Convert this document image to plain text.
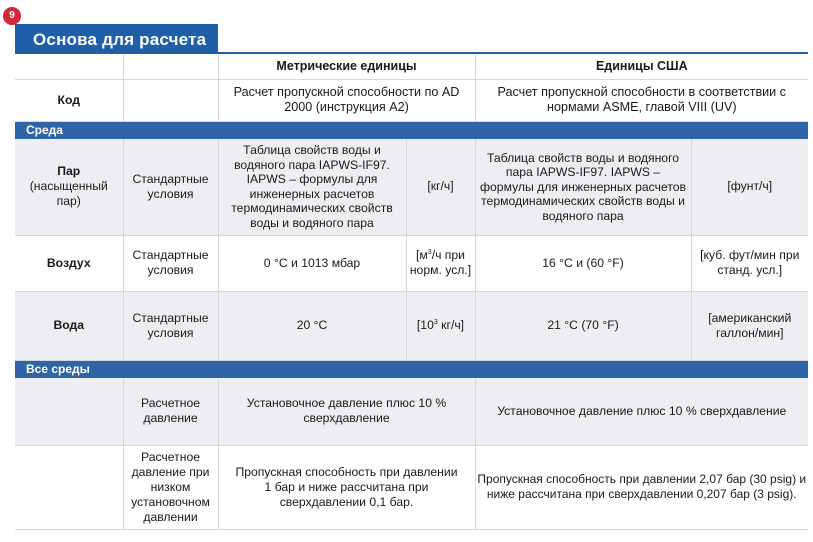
9
Основа для расчета
		Метрические единицы		Единицы США	
Код		Расчет пропускной способности по AD 2000 (инструкция A2)		Расчет пропускной способности в соответствии с нормами ASME, главой VIII (UV)	
Среда					
Пар
(насыщенный
пар)	Стандартные условия	Таблица свойств воды и водяного пара IAPWS-IF97. IAPWS – формулы для инженерных расчетов термодинамических свойств воды и водяного пара	[кг/ч]	Таблица свойств воды и водяного пара IAPWS-IF97. IAPWS – формулы для инженерных расчетов термодинамических свойств воды и водяного пара	[фунт/ч]
Воздух	Стандартные условия	0 °C и 1013 мбар	[$м^3/ч$ при норм. усл.]	16 °C и (60 °F)	[куб. фут/мин при станд. усл.]
Вода	Стандартные условия	20 °C	[$10^3$ кг/ч]	21 °C (70 °F)	[американский галлон/мин]
Все среды					
	Расчетное давление	Установочное давление плюс 10 % сверхдавление		Установочное давление плюс 10 % сверхдавление	
	Расчетное давление при низком установочном давлении	Пропускная способность при давлении 1 бар и ниже рассчитана при сверхдавлении 0,1 бар.		Пропускная способность при давлении 2,07 бар (30 psig) и ниже рассчитана при сверхдавлении 0,207 бар (3 psig).	
